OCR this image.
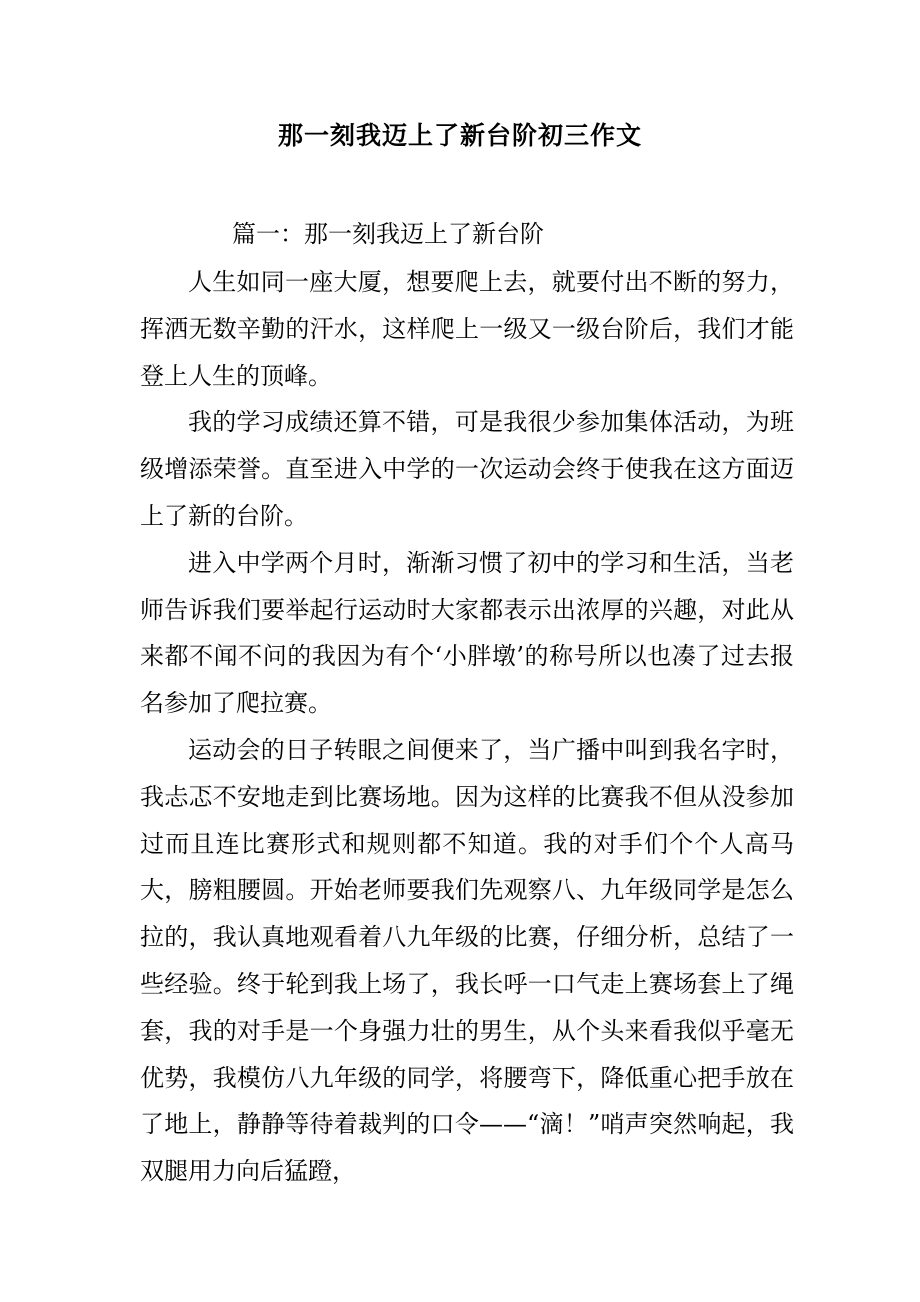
那一刻我迈上了新台阶初三作文

篇一：那一刻我迈上了新台阶

人生如同一座大厦，想要爬上去，就要付出不断的努力，挥洒无数辛勤的汗水，这样爬上一级又一级台阶后，我们才能登上人生的顶峰。

我的学习成绩还算不错，可是我很少参加集体活动，为班级增添荣誉。直至进入中学的一次运动会终于使我在这方面迈上了新的台阶。

进入中学两个月时，渐渐习惯了初中的学习和生活，当老师告诉我们要举起行运动时大家都表示出浓厚的兴趣，对此从来都不闻不问的我因为有个‘小胖墩’的称号所以也凑了过去报名参加了爬拉赛。

运动会的日子转眼之间便来了，当广播中叫到我名字时，我忐忑不安地走到比赛场地。因为这样的比赛我不但从没参加过而且连比赛形式和规则都不知道。我的对手们个个人高马大，膀粗腰圆。开始老师要我们先观察八、九年级同学是怎么拉的，我认真地观看着八九年级的比赛，仔细分析，总结了一些经验。终于轮到我上场了，我长呼一口气走上赛场套上了绳套，我的对手是一个身强力壮的男生，从个头来看我似乎毫无优势，我模仿八九年级的同学，将腰弯下，降低重心把手放在了地上，静静等待着裁判的口令——“滴！”哨声突然响起，我双腿用力向后猛蹬，
